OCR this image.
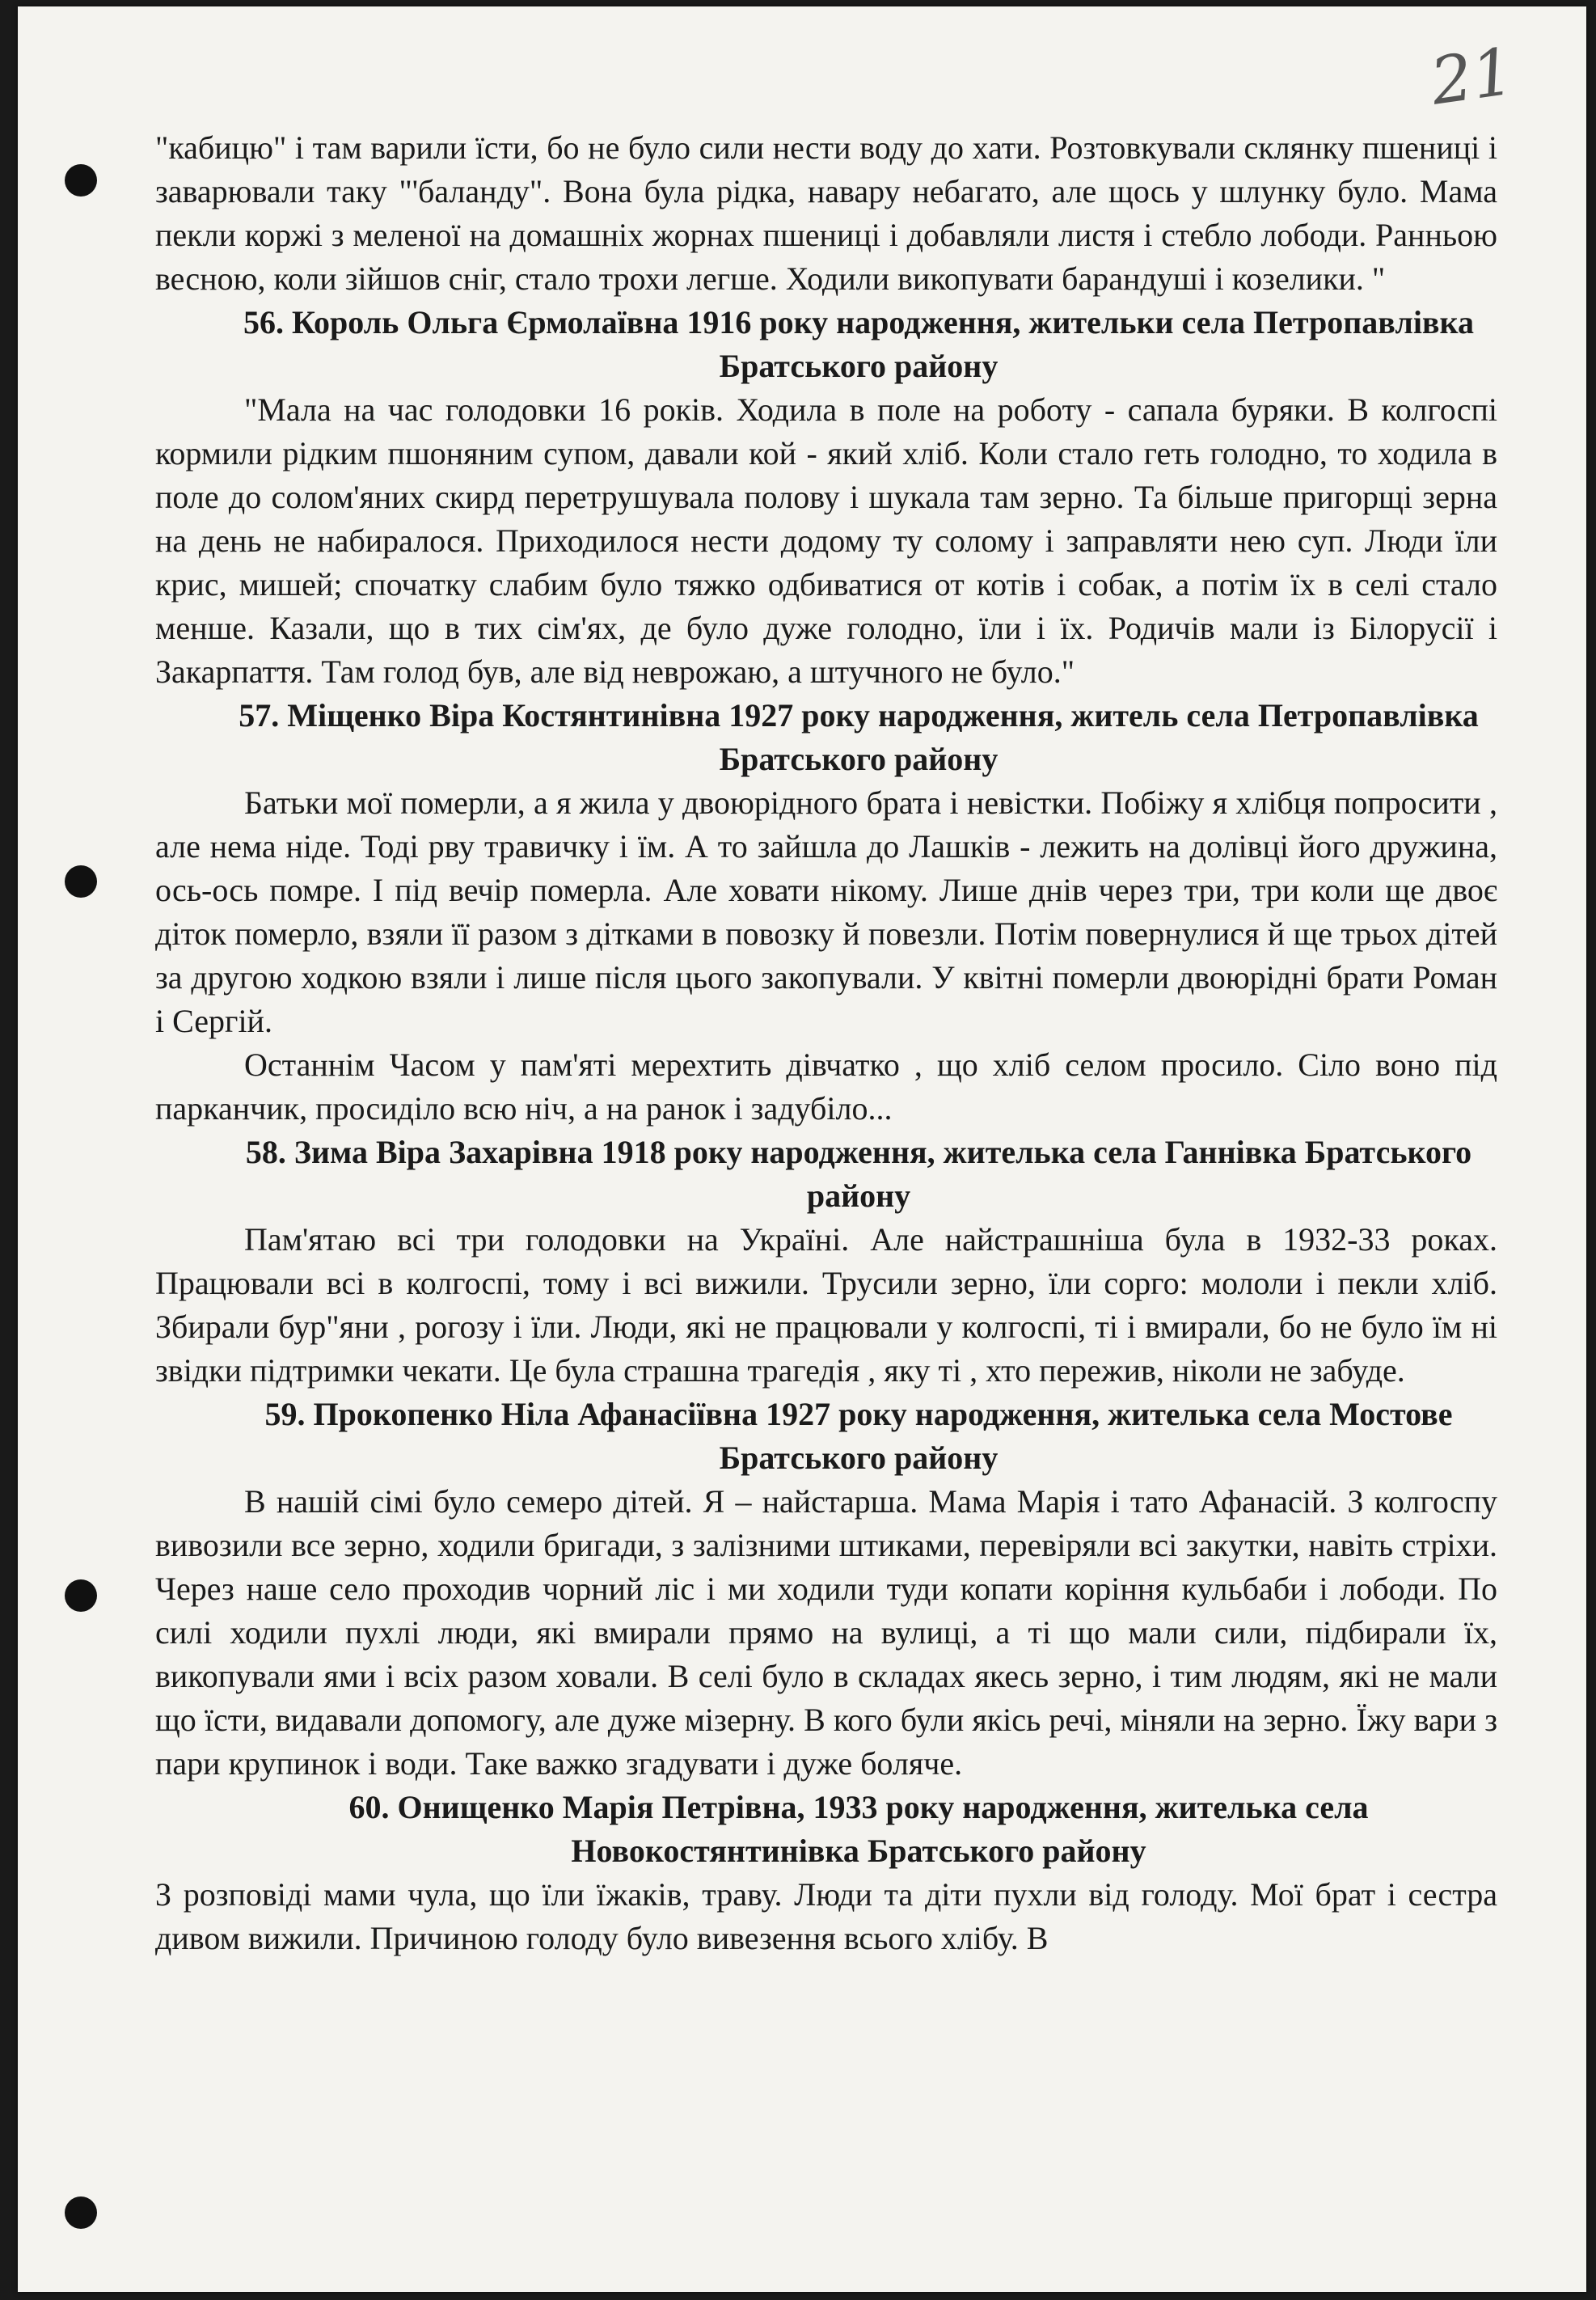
21

"кабицю" і там варили їсти, бо не було сили нести воду до хати. Розтовкували склянку пшениці і заварювали таку "'баланду". Вона була рідка, навару небагато, але щось у шлунку було. Мама пекли коржі з меленої на домашніх жорнах пшениці і добавляли листя і стебло лободи. Ранньою весною, коли зійшов сніг, стало трохи легше. Ходили викопувати барандуші і козелики. "

56. Король Ольга Єрмолаївна 1916 року народження, жительки села Петропавлівка Братського району

"Мала на час голодовки 16 років. Ходила в поле на роботу - сапала буряки. В колгоспі кормили рідким пшоняним супом, давали кой - який хліб. Коли стало геть голодно, то ходила в поле до солом'яних скирд перетрушувала полову і шукала там зерно. Та більше пригорщі зерна на день не набиралося. Приходилося нести додому ту солому і заправляти нею суп. Люди їли крис, мишей; спочатку слабим було тяжко одбиватися от котів і собак, а потім їх в селі стало менше. Казали, що в тих сім'ях, де було дуже голодно, їли і їх. Родичів мали із Білорусії і Закарпаття. Там голод був, але від неврожаю, а штучного не було."

57. Міщенко Віра Костянтинівна 1927 року народження, житель села Петропавлівка Братського району

Батьки мої померли, а я жила у двоюрідного брата і невістки. Побіжу я хлібця попросити , але нема ніде. Тоді рву травичку і їм. А то зайшла до Лашків - лежить на долівці його дружина, ось-ось помре. І під вечір померла. Але ховати нікому. Лише днів через три, три коли ще двоє діток померло, взяли її разом з дітками в повозку й повезли. Потім повернулися й ще трьох дітей за другою ходкою взяли і лише після цього закопували. У квітні померли двоюрідні брати Роман і Сергій.

Останнім Часом у пам'яті мерехтить дівчатко , що хліб селом просило. Сіло воно під парканчик, просиділо всю ніч, а на ранок і задубіло...

58. Зима Віра Захарівна 1918 року народження, жителька села Ганнівка Братського району

Пам'ятаю всі три голодовки на Україні. Але найстрашніша була в 1932-33 роках. Працювали всі в колгоспі, тому і всі вижили. Трусили зерно, їли сорго: мололи і пекли хліб. Збирали бур"яни , рогозу і їли. Люди, які не працювали у колгоспі, ті і вмирали, бо не було їм ні звідки підтримки чекати. Це була страшна трагедія , яку ті , хто пережив, ніколи не забуде.

59. Прокопенко Ніла Афанасіївна 1927 року народження, жителька села Мостове Братського району

В нашій сімі було семеро дітей. Я – найстарша. Мама Марія і тато Афанасій. З колгоспу вивозили все зерно, ходили бригади, з залізними штиками, перевіряли всі закутки, навіть стріхи. Через наше село проходив чорний ліс і ми ходили туди копати коріння кульбаби і лободи. По силі ходили пухлі люди, які вмирали прямо на вулиці, а ті що мали сили, підбирали їх, викопували ями і всіх разом ховали. В селі було в складах якесь зерно, і тим людям, які не мали що їсти, видавали допомогу, але дуже мізерну. В кого були якісь речі, міняли на зерно. Їжу вари з пари крупинок і води. Таке важко згадувати і дуже боляче.

60. Онищенко Марія Петрівна, 1933 року народження, жителька села Новокостянтинівка Братського району

З розповіді мами чула, що їли їжаків, траву. Люди та діти пухли від голоду. Мої брат і сестра дивом вижили. Причиною голоду було вивезення всього хлібу. В
